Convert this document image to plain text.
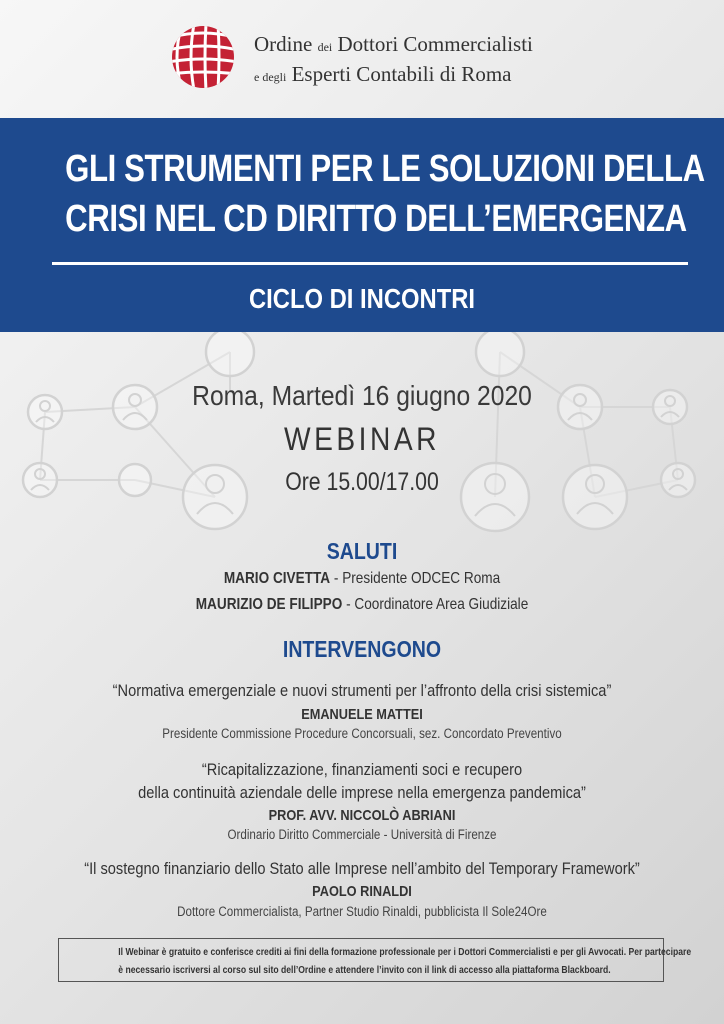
Ordine dei Dottori Commercialisti
e degli Esperti Contabili di Roma
GLI STRUMENTI PER LE SOLUZIONI DELLA
CRISI NEL CD DIRITTO DELL’EMERGENZA
CICLO DI INCONTRI
Roma, Martedì 16 giugno 2020
WEBINAR
Ore 15.00/17.00
SALUTI
MARIO CIVETTA - Presidente ODCEC Roma
MAURIZIO DE FILIPPO - Coordinatore Area Giudiziale
INTERVENGONO
“Normativa emergenziale e nuovi strumenti per l’affronto della crisi sistemica”
EMANUELE MATTEI
Presidente Commissione Procedure Concorsuali, sez. Concordato Preventivo
“Ricapitalizzazione, finanziamenti soci e recupero
della continuità aziendale delle imprese nella emergenza pandemica”
PROF. AVV. NICCOLÒ ABRIANI
Ordinario Diritto Commerciale - Università di Firenze
“Il sostegno finanziario dello Stato alle Imprese nell’ambito del Temporary Framework”
PAOLO RINALDI
Dottore Commercialista, Partner Studio Rinaldi, pubblicista Il Sole24Ore
Il Webinar è gratuito e conferisce crediti ai fini della formazione professionale per i Dottori Commercialisti e per gli Avvocati. Per partecipare
è necessario iscriversi al corso sul sito dell’Ordine e attendere l’invito con il link di accesso alla piattaforma Blackboard.
